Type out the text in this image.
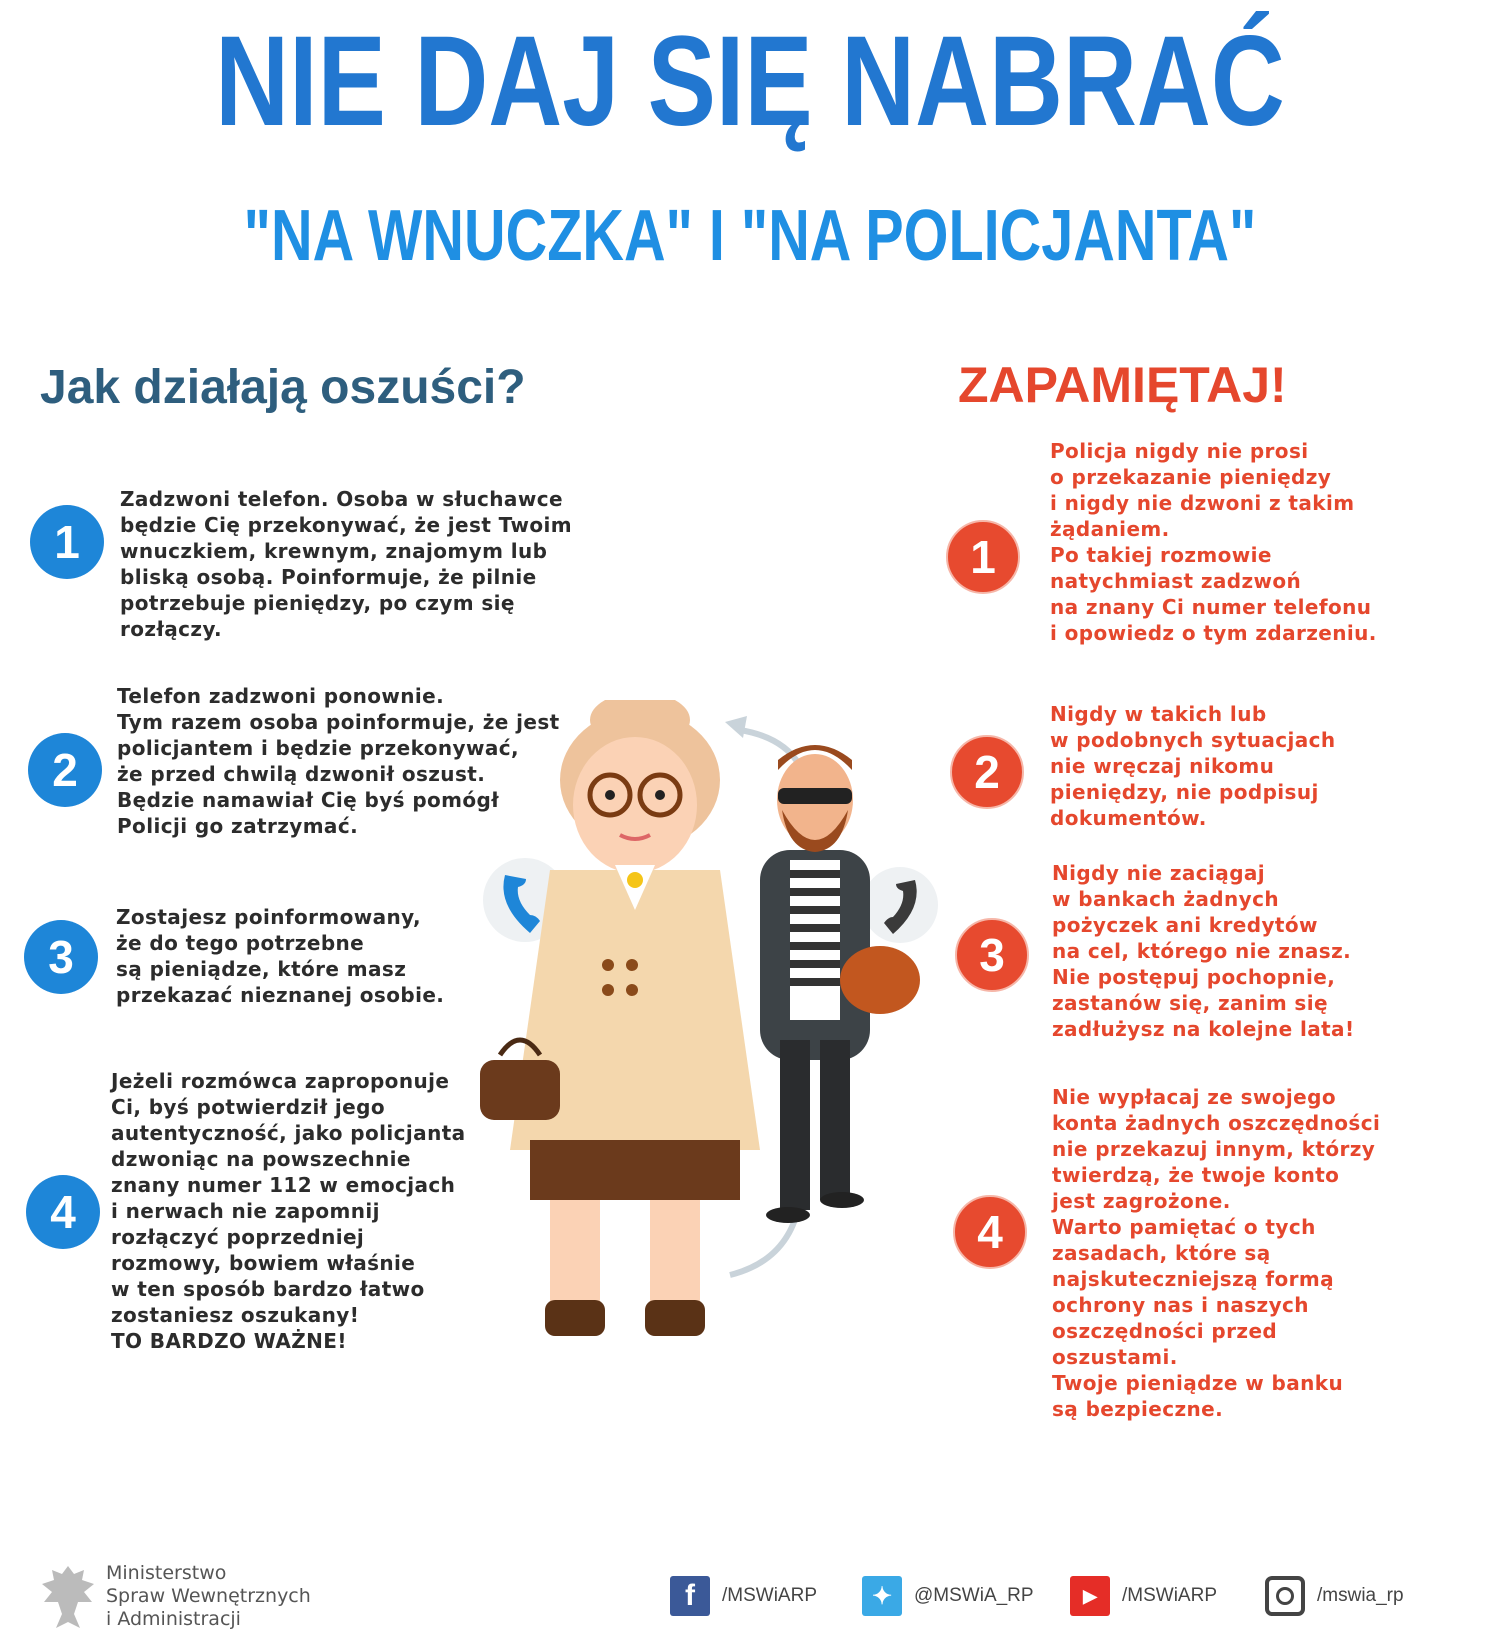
NIE DAJ SIĘ NABRAĆ
"NA WNUCZKA" I "NA POLICJANTA"
Jak działają oszuści?	ZAPAMIĘTAJ!
1
Zadzwoni telefon. Osoba w słuchawce
będzie Cię przekonywać, że jest Twoim
wnuczkiem, krewnym, znajomym lub
bliską osobą. Poinformuje, że pilnie
potrzebuje pieniędzy, po czym się
rozłączy.
2
Telefon zadzwoni ponownie.
Tym razem osoba poinformuje, że jest
policjantem i będzie przekonywać,
że przed chwilą dzwonił oszust.
Będzie namawiał Cię byś pomógł
Policji go zatrzymać.
3
Zostajesz poinformowany,
że do tego potrzebne
są pieniądze, które masz
przekazać nieznanej osobie.
4
Jeżeli rozmówca zaproponuje
Ci, byś potwierdził jego
autentyczność, jako policjanta
dzwoniąc na powszechnie
znany numer 112 w emocjach
i nerwach nie zapomnij
rozłączyć poprzedniej
rozmowy, bowiem właśnie
w ten sposób bardzo łatwo
zostaniesz oszukany!
TO BARDZO WAŻNE!
1
Policja nigdy nie prosi
o przekazanie pieniędzy
i nigdy nie dzwoni z takim
żądaniem.
Po takiej rozmowie
natychmiast zadzwoń
na znany Ci numer telefonu
i opowiedz o tym zdarzeniu.
2
Nigdy w takich lub
w podobnych sytuacjach
nie wręczaj nikomu
pieniędzy, nie podpisuj
dokumentów.
3
Nigdy nie zaciągaj
w bankach żadnych
pożyczek ani kredytów
na cel, którego nie znasz.
Nie postępuj pochopnie,
zastanów się, zanim się
zadłużysz na kolejne lata!
4
Nie wypłacaj ze swojego
konta żadnych oszczędności
nie przekazuj innym, którzy
twierdzą, że twoje konto
jest zagrożone.
Warto pamiętać o tych
zasadach, które są
najskuteczniejszą formą
ochrony nas i naszych
oszczędności przed
oszustami.
Twoje pieniądze w banku
są bezpieczne.
Ministerstwo
Spraw Wewnętrznych
i Administracji
f	/MSWiARP	✦	@MSWiA_RP	▶	/MSWiARP	/mswia_rp
